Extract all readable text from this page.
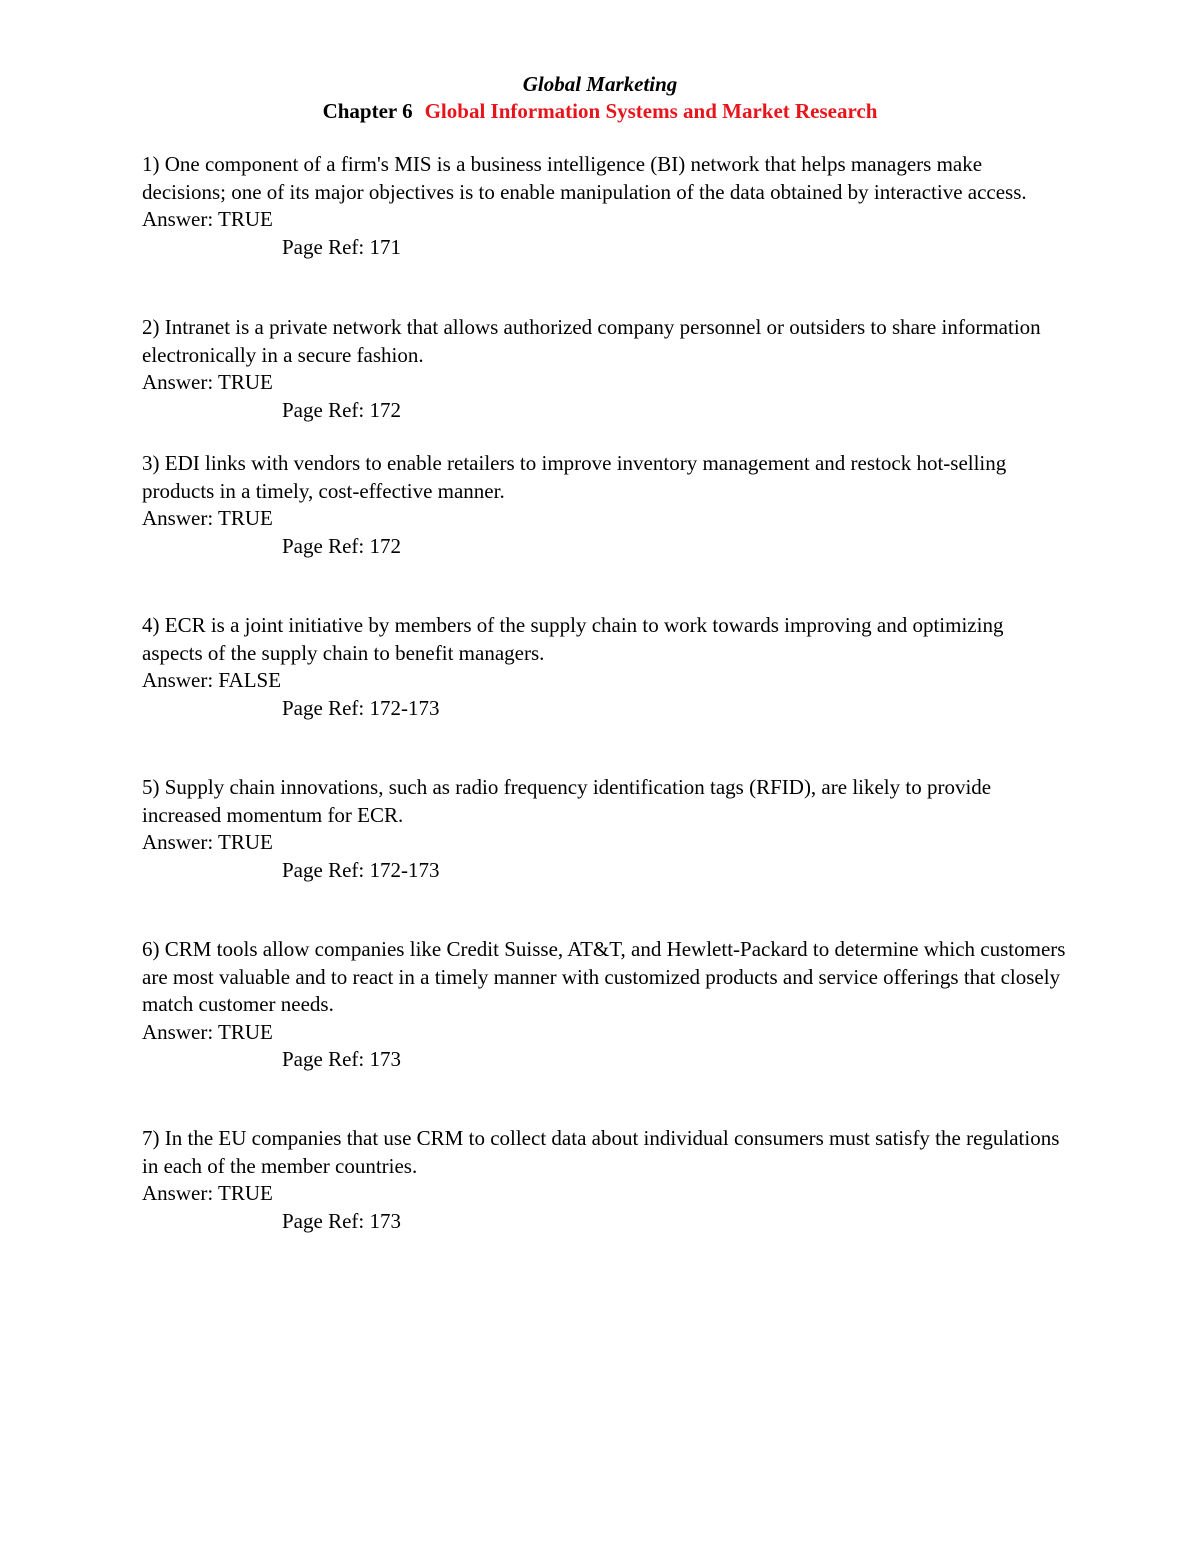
Global Marketing
Chapter 6 Global Information Systems and Market Research
1) One component of a firm's MIS is a business intelligence (BI) network that helps managers make decisions; one of its major objectives is to enable manipulation of the data obtained by interactive access.
Answer: TRUE
Page Ref: 171
2) Intranet is a private network that allows authorized company personnel or outsiders to share information electronically in a secure fashion.
Answer: TRUE
Page Ref: 172
3) EDI links with vendors to enable retailers to improve inventory management and restock hot-selling products in a timely, cost-effective manner.
Answer: TRUE
Page Ref: 172
4) ECR is a joint initiative by members of the supply chain to work towards improving and optimizing aspects of the supply chain to benefit managers.
Answer: FALSE
Page Ref: 172-173
5) Supply chain innovations, such as radio frequency identification tags (RFID), are likely to provide increased momentum for ECR.
Answer: TRUE
Page Ref: 172-173
6) CRM tools allow companies like Credit Suisse, AT&T, and Hewlett-Packard to determine which customers are most valuable and to react in a timely manner with customized products and service offerings that closely match customer needs.
Answer: TRUE
Page Ref: 173
7) In the EU companies that use CRM to collect data about individual consumers must satisfy the regulations in each of the member countries.
Answer: TRUE
Page Ref: 173
